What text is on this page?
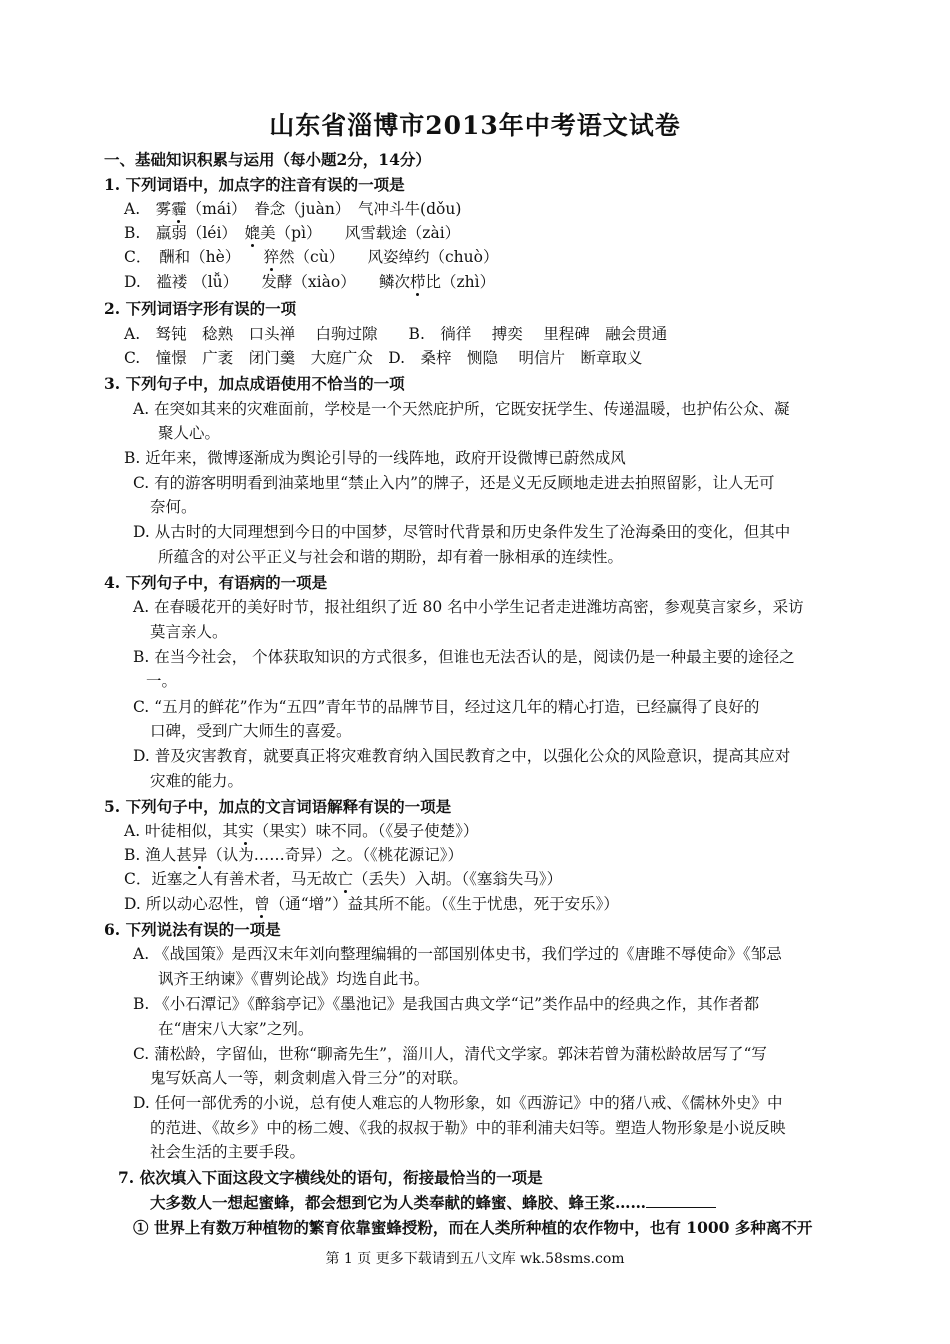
山东省淄博市2013年中考语文试卷
一、基础知识积累与运用（每小题2分，14分）
1. 下列词语中，加点字的注音有误的一项是
A.　雾霾（mái）　眷念（juàn）　气冲斗牛(dǒu)
B.　羸弱（léi）　媲美（pì）　　风雪载途（zài）
C．　酬和（hè）　　猝然（cù）　　风姿绰约（chuò）
D.　褴褛 （lǚ）　　发酵（xiào）　　鳞次栉比（zhì）
2. 下列词语字形有误的一项
A.　驽钝　稔熟　口头禅　 白驹过隙　　B.　徜徉　 搏奕　 里程碑　融会贯通
C.　憧憬　广袤　闭门羹　大庭广众　D.　桑梓　恻隐　 明信片　断章取义
3. 下列句子中，加点成语使用不恰当的一项
A. 在突如其来的灾难面前，学校是一个天然庇护所，它既安抚学生、传递温暖，也护佑公众、凝
聚人心。
B. 近年来，微博逐渐成为舆论引导的一线阵地，政府开设微博已蔚然成风
C. 有的游客明明看到油菜地里“禁止入内”的牌子，还是义无反顾地走进去拍照留影，让人无可
奈何。
D. 从古时的大同理想到今日的中国梦，尽管时代背景和历史条件发生了沧海桑田的变化，但其中
所蕴含的对公平正义与社会和谐的期盼，却有着一脉相承的连续性。
4. 下列句子中，有语病的一项是
A. 在春暖花开的美好时节，报社组织了近 80 名中小学生记者走进潍坊高密，参观莫言家乡，采访
莫言亲人。
B. 在当今社会， 个体获取知识的方式很多，但谁也无法否认的是，阅读仍是一种最主要的途径之
一。
C. “五月的鲜花”作为“五四”青年节的品牌节目，经过这几年的精心打造，已经赢得了良好的
口碑，受到广大师生的喜爱。
D. 普及灾害教育，就要真正将灾难教育纳入国民教育之中，以强化公众的风险意识，提高其应对
灾难的能力。
5. 下列句子中，加点的文言词语解释有误的一项是
A. 叶徒相似，其实（果实）味不同。（《晏子使楚》）
B. 渔人甚异（认为……奇异）之。（《桃花源记》）
C．近塞之人有善术者，马无故亡（丢失）入胡。（《塞翁失马》）
D. 所以动心忍性，曾（通“增”）益其所不能。（《生于忧患，死于安乐》）
6. 下列说法有误的一项是
A. 《战国策》是西汉末年刘向整理编辑的一部国别体史书，我们学过的《唐雎不辱使命》《邹忌
讽齐王纳谏》《曹刿论战》均选自此书。
B. 《小石潭记》《醉翁亭记》《墨池记》是我国古典文学“记”类作品中的经典之作，其作者都
在“唐宋八大家”之列。
C. 蒲松龄，字留仙，世称“聊斋先生”，淄川人，清代文学家。郭沫若曾为蒲松龄故居写了“写
鬼写妖高人一等，刺贪刺虐入骨三分”的对联。
D. 任何一部优秀的小说，总有使人难忘的人物形象，如《西游记》中的猪八戒、《儒林外史》中
的范进、《故乡》中的杨二嫂、《我的叔叔于勒》中的菲利浦夫妇等。塑造人物形象是小说反映
社会生活的主要手段。
7. 依次填入下面这段文字横线处的语句，衔接最恰当的一项是
大多数人一想起蜜蜂，都会想到它为人类奉献的蜂蜜、蜂胶、蜂王浆……
① 世界上有数万种植物的繁育依靠蜜蜂授粉，而在人类所种植的农作物中，也有 1000 多种离不开
第 1 页 更多下载请到五八文库 wk.58sms.com
